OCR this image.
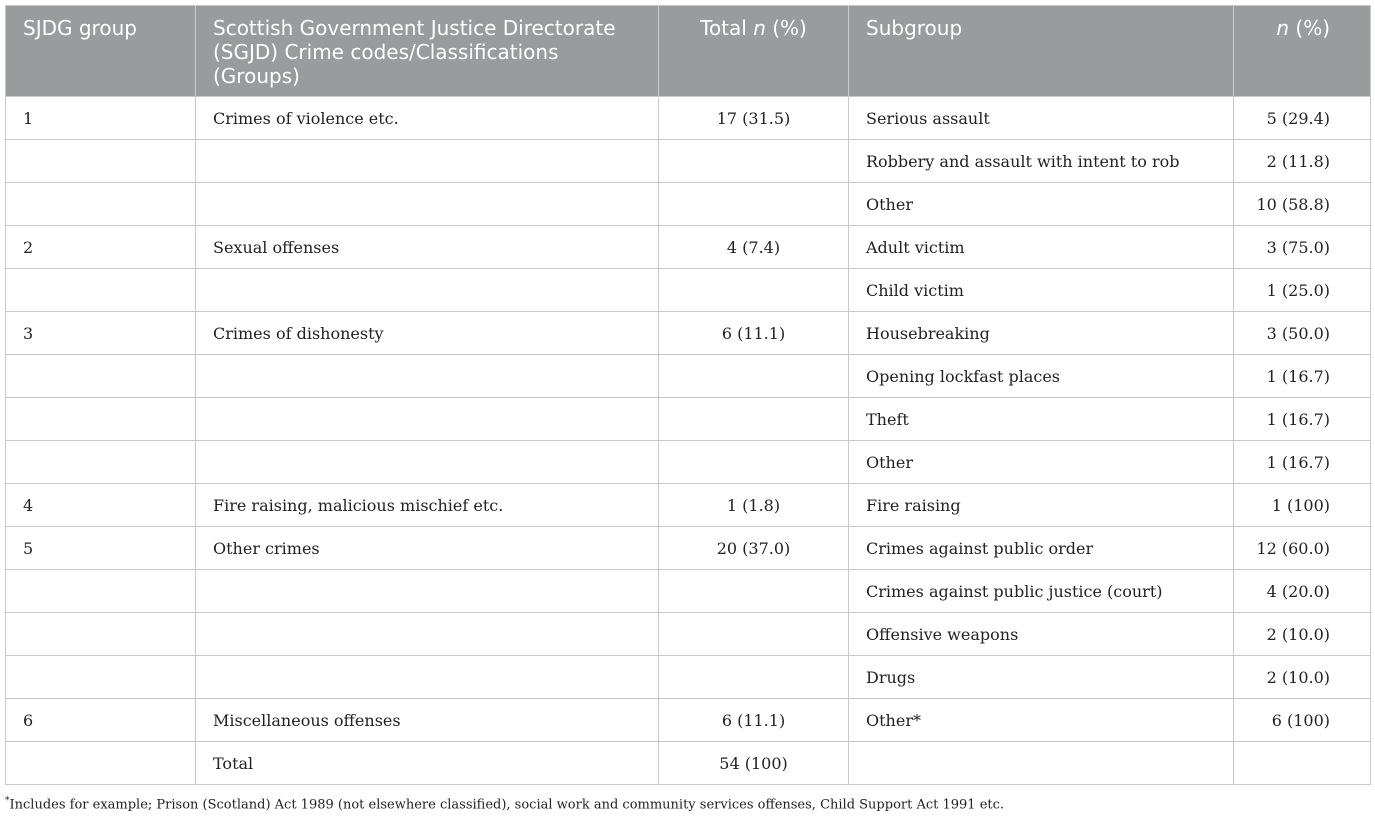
SJDG group	Scottish Government Justice Directorate (SGJD) Crime codes/Classifications (Groups)	Total n (%)	Subgroup	n (%)
1	Crimes of violence etc.	17 (31.5)	Serious assault	5 (29.4)
			Robbery and assault with intent to rob	2 (11.8)
			Other	10 (58.8)
2	Sexual offenses	4 (7.4)	Adult victim	3 (75.0)
			Child victim	1 (25.0)
3	Crimes of dishonesty	6 (11.1)	Housebreaking	3 (50.0)
			Opening lockfast places	1 (16.7)
			Theft	1 (16.7)
			Other	1 (16.7)
4	Fire raising, malicious mischief etc.	1 (1.8)	Fire raising	1 (100)
5	Other crimes	20 (37.0)	Crimes against public order	12 (60.0)
			Crimes against public justice (court)	4 (20.0)
			Offensive weapons	2 (10.0)
			Drugs	2 (10.0)
6	Miscellaneous offenses	6 (11.1)	Other*	6 (100)
	Total	54 (100)		
*Includes for example; Prison (Scotland) Act 1989 (not elsewhere classified), social work and community services offenses, Child Support Act 1991 etc.
